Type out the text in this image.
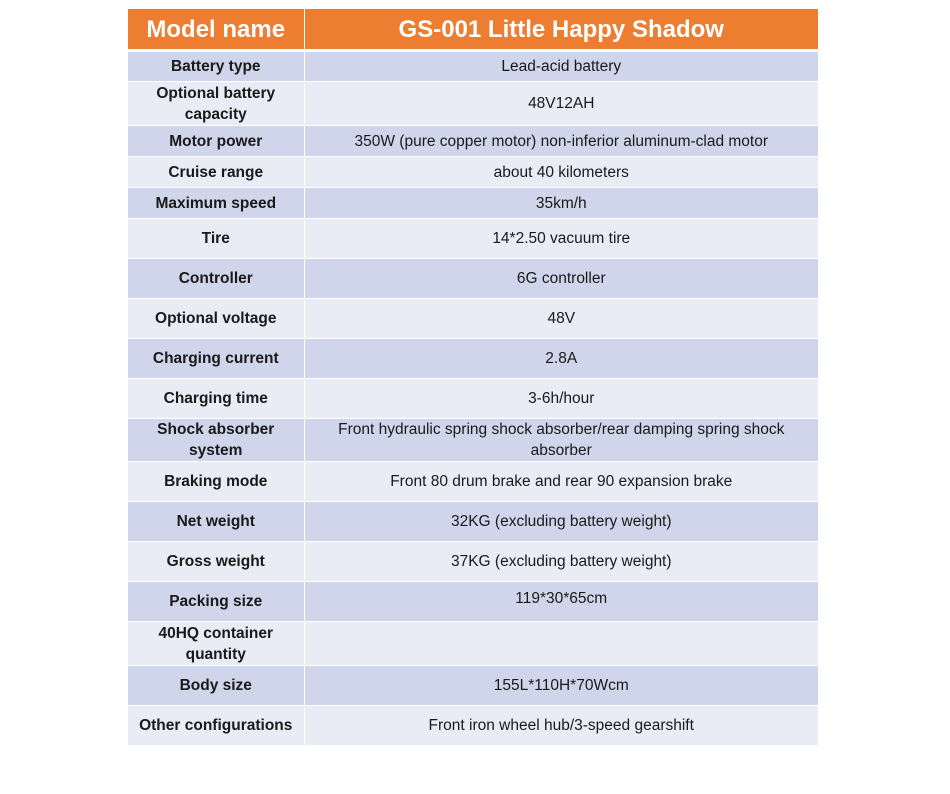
Model name	GS-001 Little Happy Shadow
Battery type	Lead-acid battery
Optional battery capacity	48V12AH
Motor power	350W (pure copper motor) non-inferior aluminum-clad motor
Cruise range	about 40 kilometers
Maximum speed	35km/h
Tire	14*2.50 vacuum tire
Controller	6G controller
Optional voltage	48V
Charging current	2.8A
Charging time	3-6h/hour
Shock absorber system	Front hydraulic spring shock absorber/rear damping spring shock absorber
Braking mode	Front 80 drum brake and rear 90 expansion brake
Net weight	32KG (excluding battery weight)
Gross weight	37KG (excluding battery weight)
Packing size	119*30*65cm
40HQ container quantity	
Body size	155L*110H*70Wcm
Other configurations	Front iron wheel hub/3-speed gearshift
